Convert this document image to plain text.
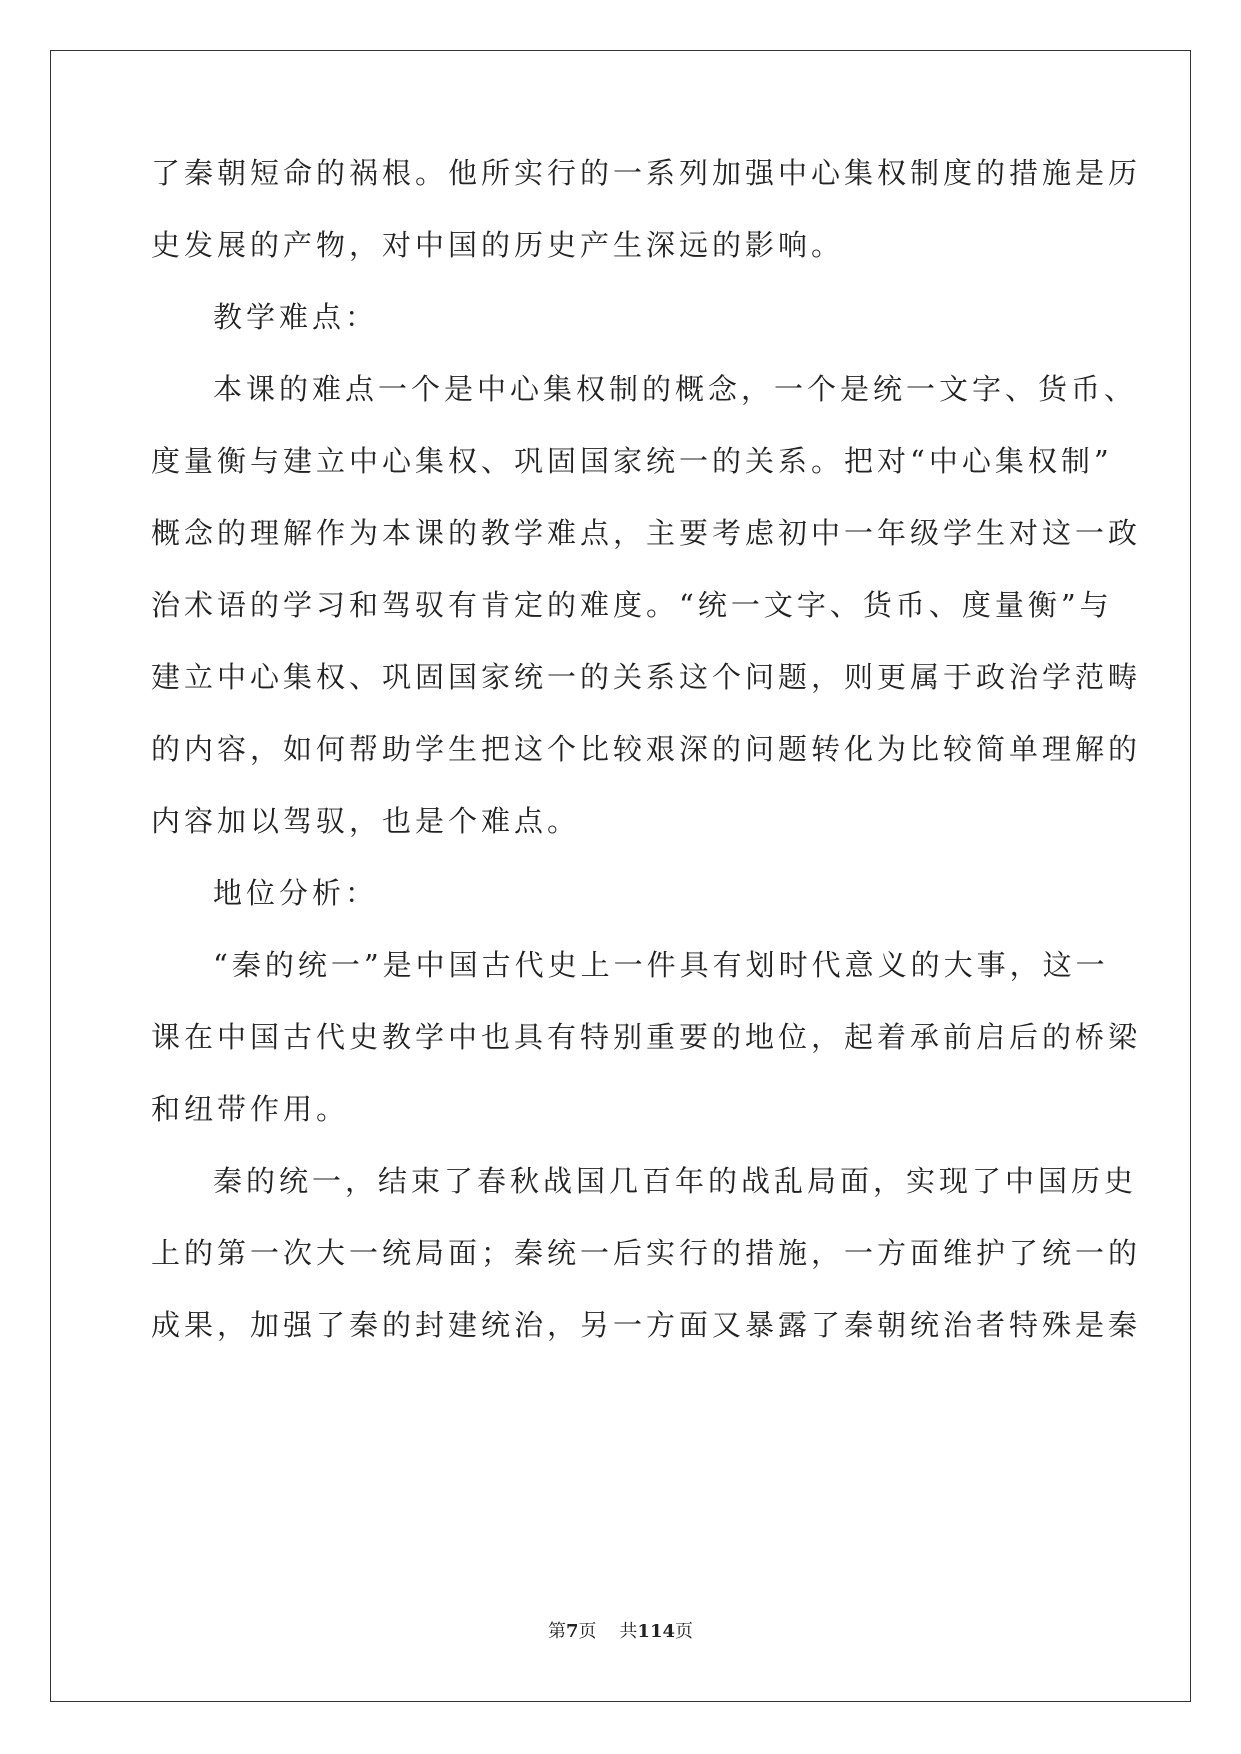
了秦朝短命的祸根。他所实行的一系列加强中心集权制度的措施是历
史发展的产物，对中国的历史产生深远的影响。
教学难点：
本课的难点一个是中心集权制的概念，一个是统一文字、货币、
度量衡与建立中心集权、巩固国家统一的关系。把对“中心集权制”
概念的理解作为本课的教学难点，主要考虑初中一年级学生对这一政
治术语的学习和驾驭有肯定的难度。“统一文字、货币、度量衡”与
建立中心集权、巩固国家统一的关系这个问题，则更属于政治学范畴
的内容，如何帮助学生把这个比较艰深的问题转化为比较简单理解的
内容加以驾驭，也是个难点。
地位分析：
“秦的统一”是中国古代史上一件具有划时代意义的大事，这一
课在中国古代史教学中也具有特别重要的地位，起着承前启后的桥梁
和纽带作用。
秦的统一，结束了春秋战国几百年的战乱局面，实现了中国历史
上的第一次大一统局面；秦统一后实行的措施，一方面维护了统一的
成果，加强了秦的封建统治，另一方面又暴露了秦朝统治者特殊是秦
第7页 共114页
